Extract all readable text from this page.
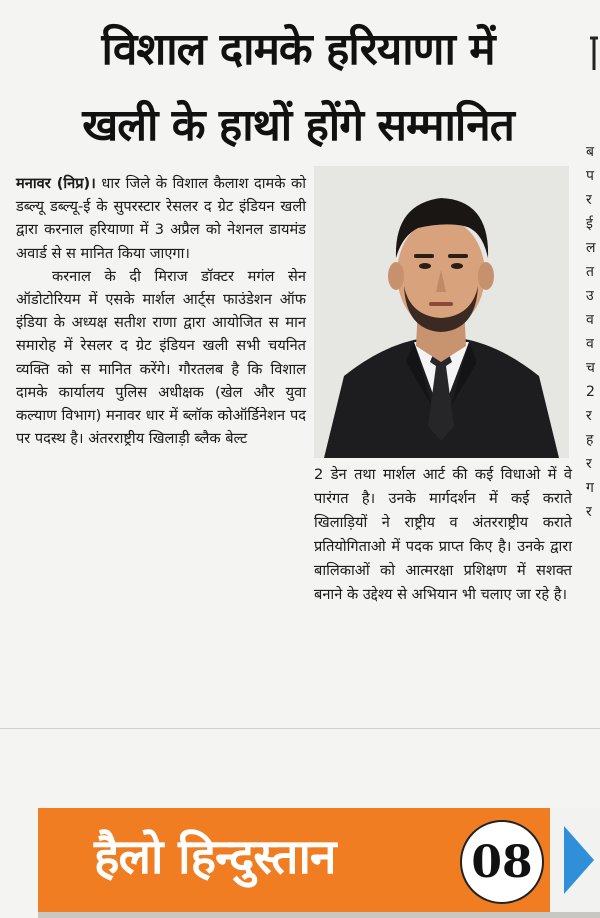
विशाल दामके हरियाणा में
खली के हाथों होंगे सम्मानित

मनावर (निप्र)। धार जिले के विशाल कैलाश दामके को डब्ल्यू डब्ल्यू-ई के सुपरस्टार रेसलर द ग्रेट इंडियन खली द्वारा करनाल हरियाणा में 3 अप्रैल को नेशनल डायमंड अवार्ड से स मानित किया जाएगा।

करनाल के दी मिराज डॉक्टर मगंल सेन ऑडोटोरियम में एसके मार्शल आर्ट्स फाउंडेशन ऑफ इंडिया के अध्यक्ष सतीश राणा द्वारा आयोजित स मान समारोह में रेसलर द ग्रेट इंडियन खली सभी चयनित व्यक्ति को स मानित करेंगे। गौरतलब है कि विशाल दामके कार्यालय पुलिस अधीक्षक (खेल और युवा कल्याण विभाग) मनावर धार में ब्लॉक कोऑर्डिनेशन पद पर पदस्थ है। अंतरराष्ट्रीय खिलाड़ी ब्लैक बेल्ट

2 डेन तथा मार्शल आर्ट की कई विधाओ में वे पारंगत है। उनके मार्गदर्शन में कई कराते खिलाड़ियों ने राष्ट्रीय व अंतरराष्ट्रीय कराते प्रतियोगिताओ में पदक प्राप्त किए है। उनके द्वारा बालिकाओं को आत्मरक्षा प्रशिक्षण में सशक्त बनाने के उद्देश्य से अभियान भी चलाए जा रहे है।

ब
प
र
ई
ल
त
उ
व
व
च
2
र
ह
र
ग
र
हैलो हिन्दुस्तान	08
